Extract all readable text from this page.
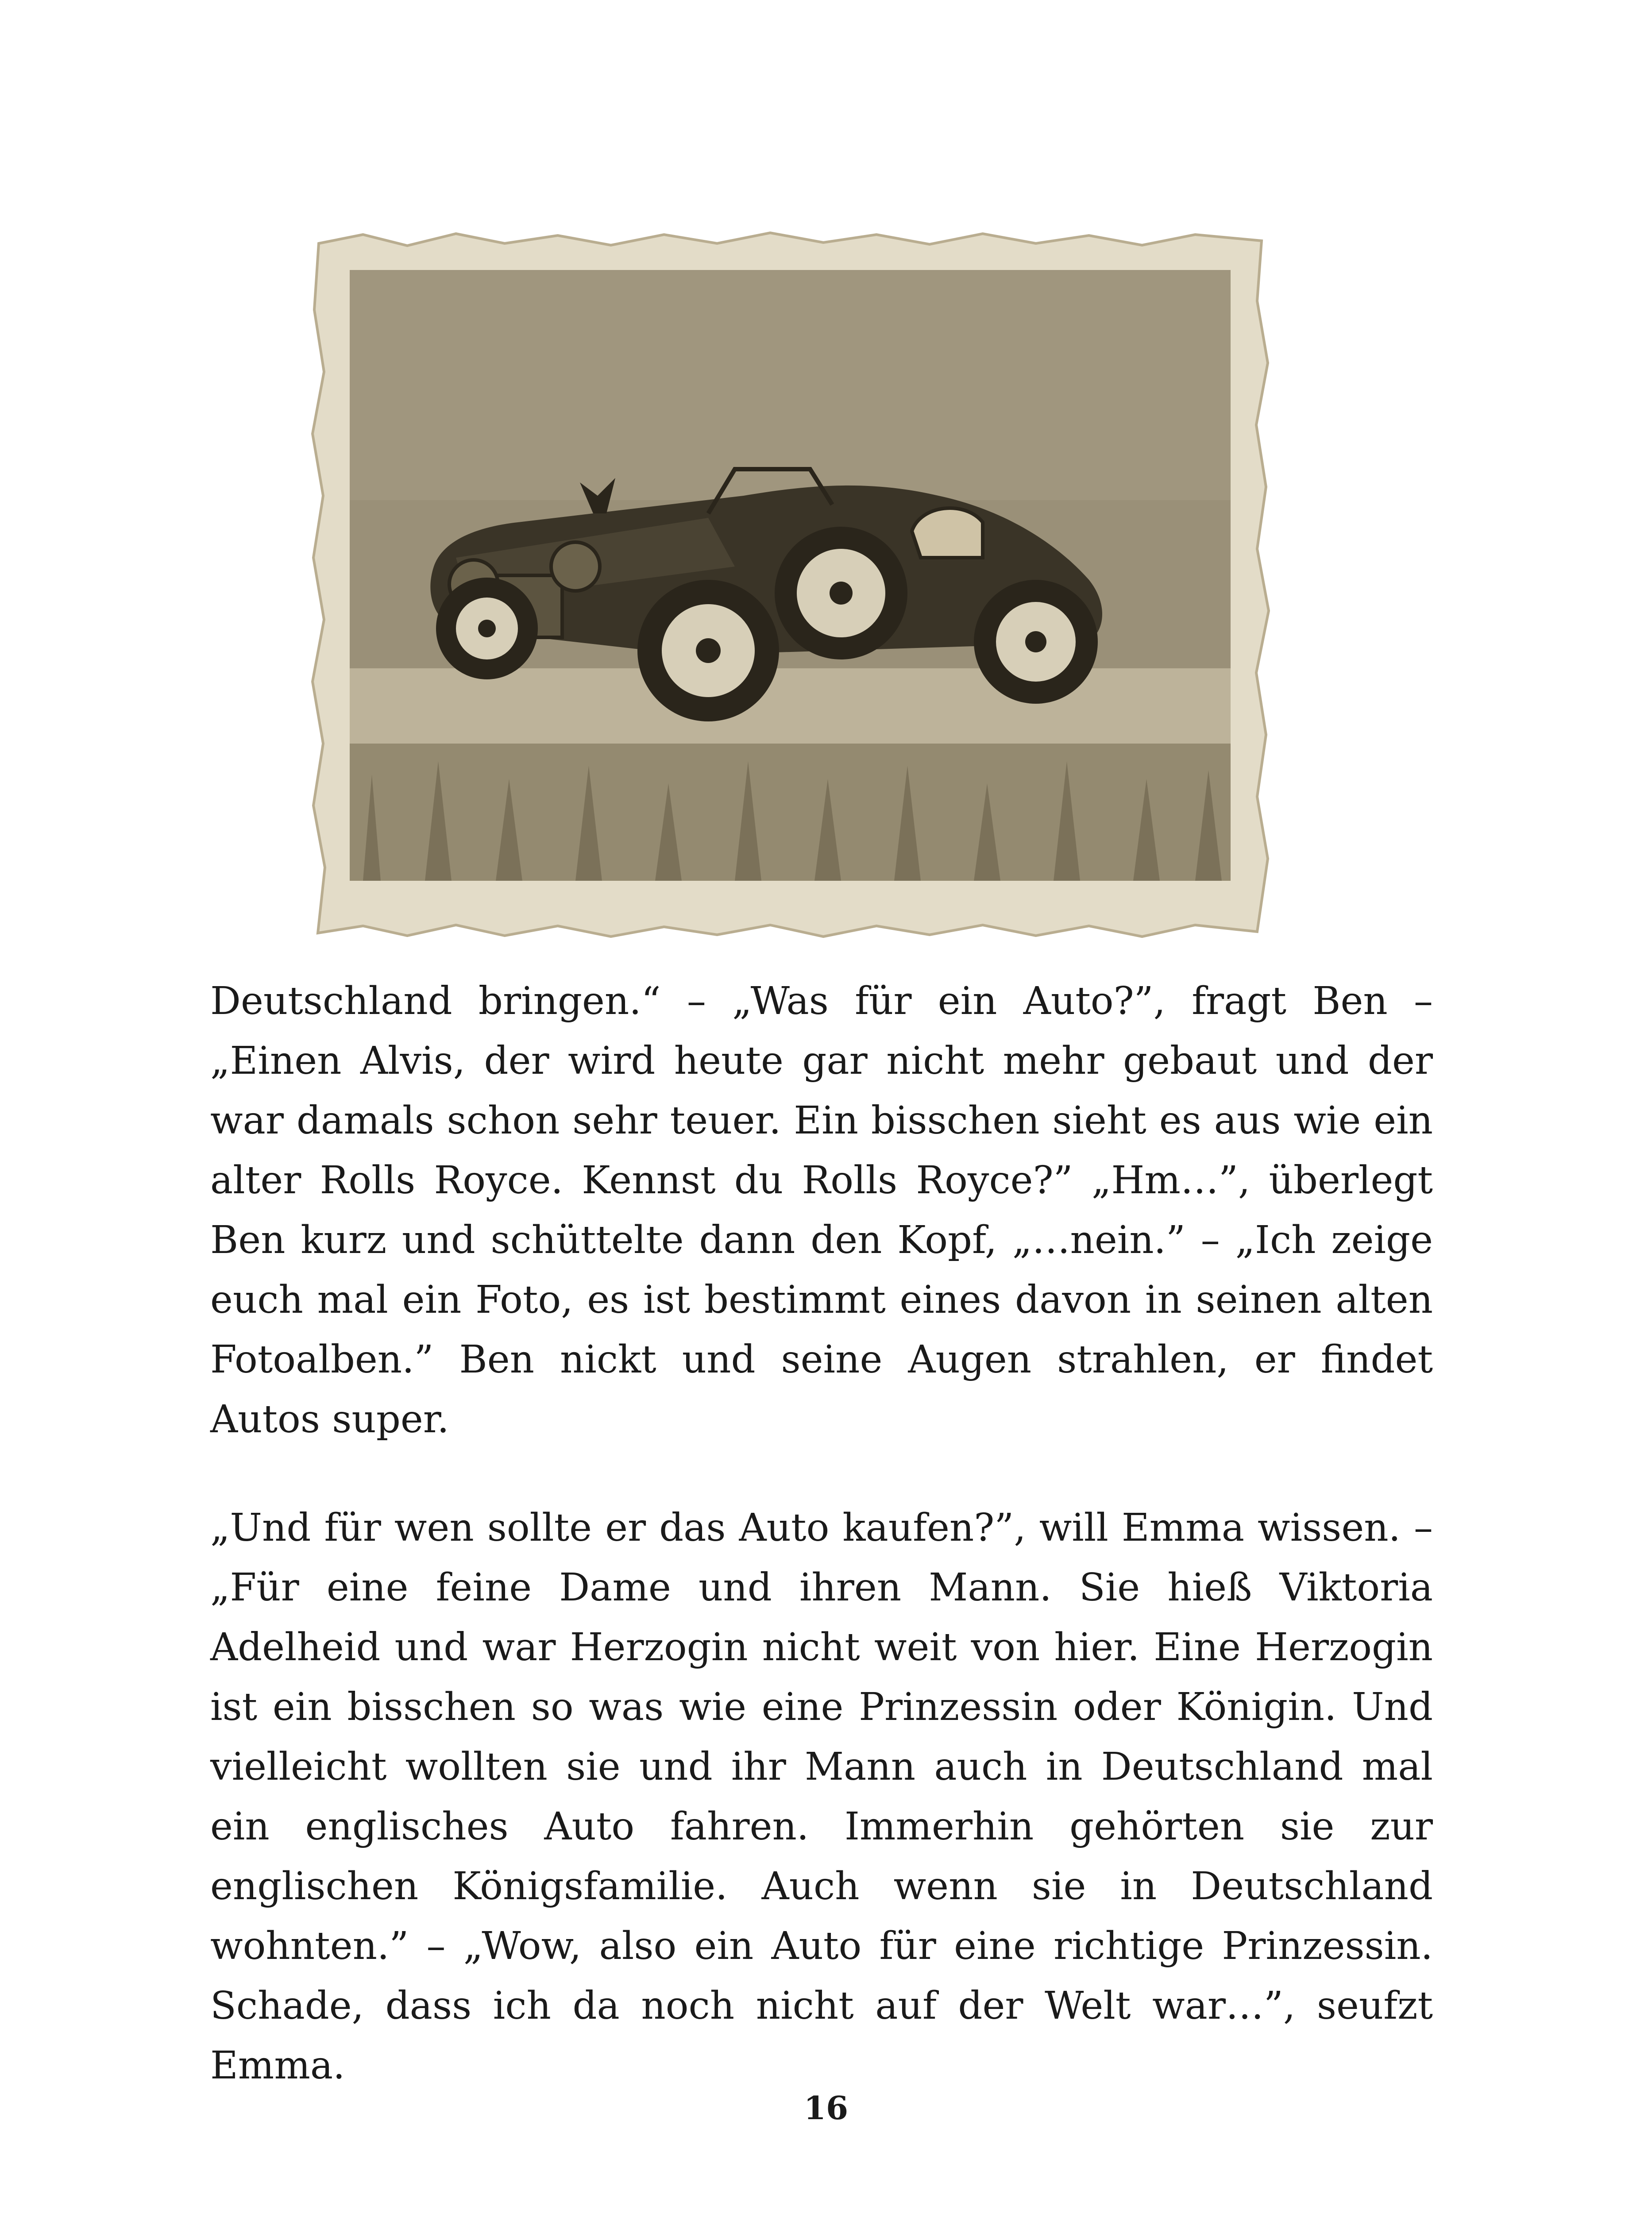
Deutschland bringen.“ – „Was für ein Auto?”, fragt Ben – „Einen Alvis, der wird heute gar nicht mehr gebaut und der war damals schon sehr teuer. Ein bisschen sieht es aus wie ein alter Rolls Royce. Kennst du Rolls Royce?” „Hm…”, überlegt Ben kurz und schüttelte dann den Kopf, „…nein.” – „Ich zeige euch mal ein Foto, es ist bestimmt eines davon in seinen alten Fotoalben.” Ben nickt und seine Augen strahlen, er findet Autos super.

„Und für wen sollte er das Auto kaufen?”, will Emma wissen. – „Für eine feine Dame und ihren Mann. Sie hieß Viktoria Adelheid und war Herzogin nicht weit von hier. Eine Herzogin ist ein bisschen so was wie eine Prinzessin oder Königin. Und vielleicht wollten sie und ihr Mann auch in Deutschland mal ein englisches Auto fahren. Immerhin gehörten sie zur englischen Königsfamilie. Auch wenn sie in Deutschland wohnten.” – „Wow, also ein Auto für eine richtige Prinzessin. Schade, dass ich da noch nicht auf der Welt war…”, seufzt Emma.

16
